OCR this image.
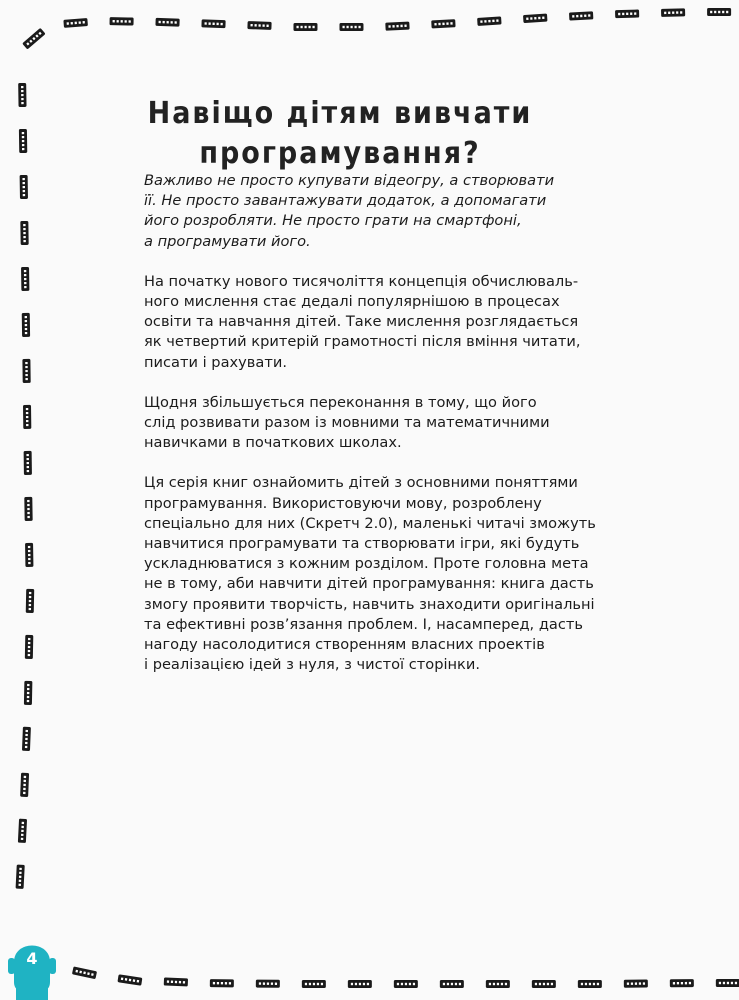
Навіщо дітям вивчати
програмування?

Важливо не просто купувати відеогру, а створювати
її. Не просто завантажувати додаток, а допомагати
його розробляти. Не просто грати на смартфоні,
а програмувати його.

На початку нового тисячоліття концепція обчислюваль-
ного мислення стає дедалі популярнішою в процесах
освіти та навчання дітей. Таке мислення розглядається
як четвертий критерій грамотності після вміння читати,
писати і рахувати.

Щодня збільшується переконання в тому, що його
слід розвивати разом із мовними та математичними
навичками в початкових школах.

Ця серія книг ознайомить дітей з основними поняттями
програмування. Використовуючи мову, розроблену
спеціально для них (Скретч 2.0), маленькі читачі зможуть
навчитися програмувати та створювати ігри, які будуть
ускладнюватися з кожним розділом. Проте головна мета
не в тому, аби навчити дітей програмування: книга дасть
змогу проявити творчість, навчить знаходити оригінальні
та ефективні розв’язання проблем. І, насамперед, дасть
нагоду насолодитися створенням власних проектів
і реалізацією ідей з нуля, з чистої сторінки.

4
